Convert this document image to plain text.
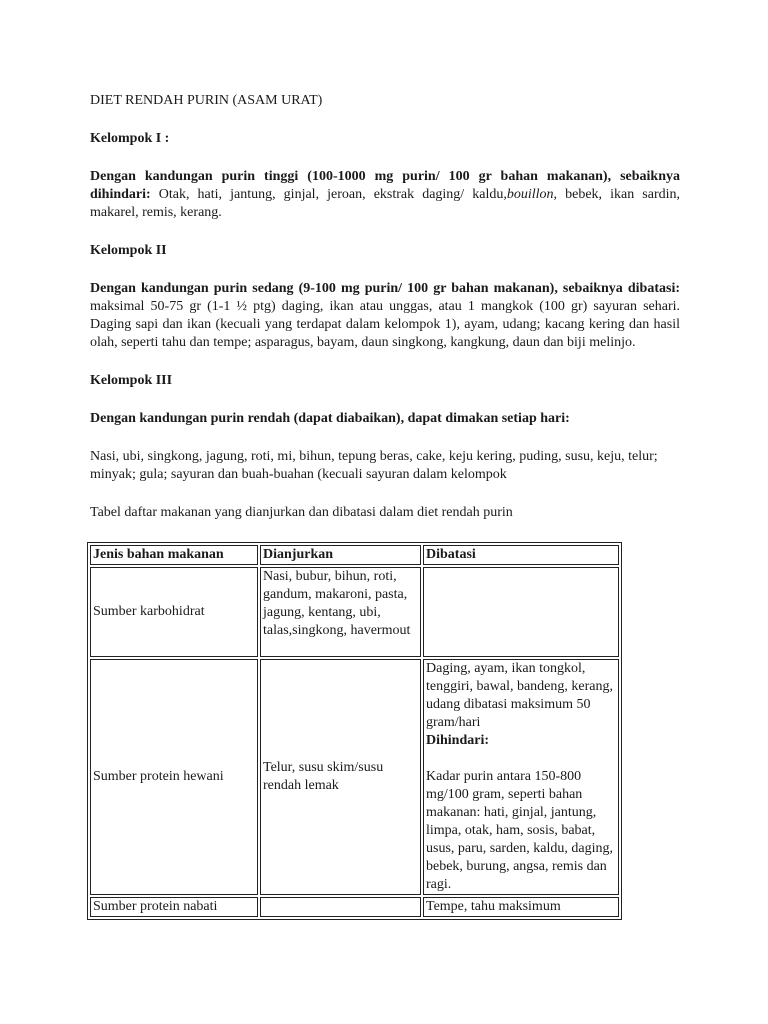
DIET RENDAH PURIN (ASAM URAT)

Kelompok I :

Dengan kandungan purin tinggi (100-1000 mg purin/ 100 gr bahan makanan), sebaiknya dihindari: Otak, hati, jantung, ginjal, jeroan, ekstrak daging/ kaldu,bouillon, bebek, ikan sardin, makarel, remis, kerang.

Kelompok II

Dengan kandungan purin sedang (9-100 mg purin/ 100 gr bahan makanan), sebaiknya dibatasi: maksimal 50-75 gr (1-1 ½ ptg) daging, ikan atau unggas, atau 1 mangkok (100 gr) sayuran sehari. Daging sapi dan ikan (kecuali yang terdapat dalam kelompok 1), ayam, udang; kacang kering dan hasil olah, seperti tahu dan tempe; asparagus, bayam, daun singkong, kangkung, daun dan biji melinjo.

Kelompok III

Dengan kandungan purin rendah (dapat diabaikan), dapat dimakan setiap hari:

Nasi, ubi, singkong, jagung, roti, mi, bihun, tepung beras, cake, keju kering, puding, susu, keju, telur; minyak; gula; sayuran dan buah-buahan (kecuali sayuran dalam kelompok

Tabel daftar makanan yang dianjurkan dan dibatasi dalam diet rendah purin

Jenis bahan makanan	Dianjurkan	Dibatasi
Sumber karbohidrat	Nasi, bubur, bihun, roti, gandum, makaroni, pasta, jagung, kentang, ubi, talas,singkong, havermout	
Sumber protein hewani	Telur, susu skim/susu rendah lemak	Daging, ayam, ikan tongkol, tenggiri, bawal, bandeng, kerang, udang dibatasi maksimum 50 gram/hari
Dihindari:

Kadar purin antara 150-800 mg/100 gram, seperti bahan makanan: hati, ginjal, jantung, limpa, otak, ham, sosis, babat, usus, paru, sarden, kaldu, daging, bebek, burung, angsa, remis dan ragi.
Sumber protein nabati		Tempe, tahu maksimum
